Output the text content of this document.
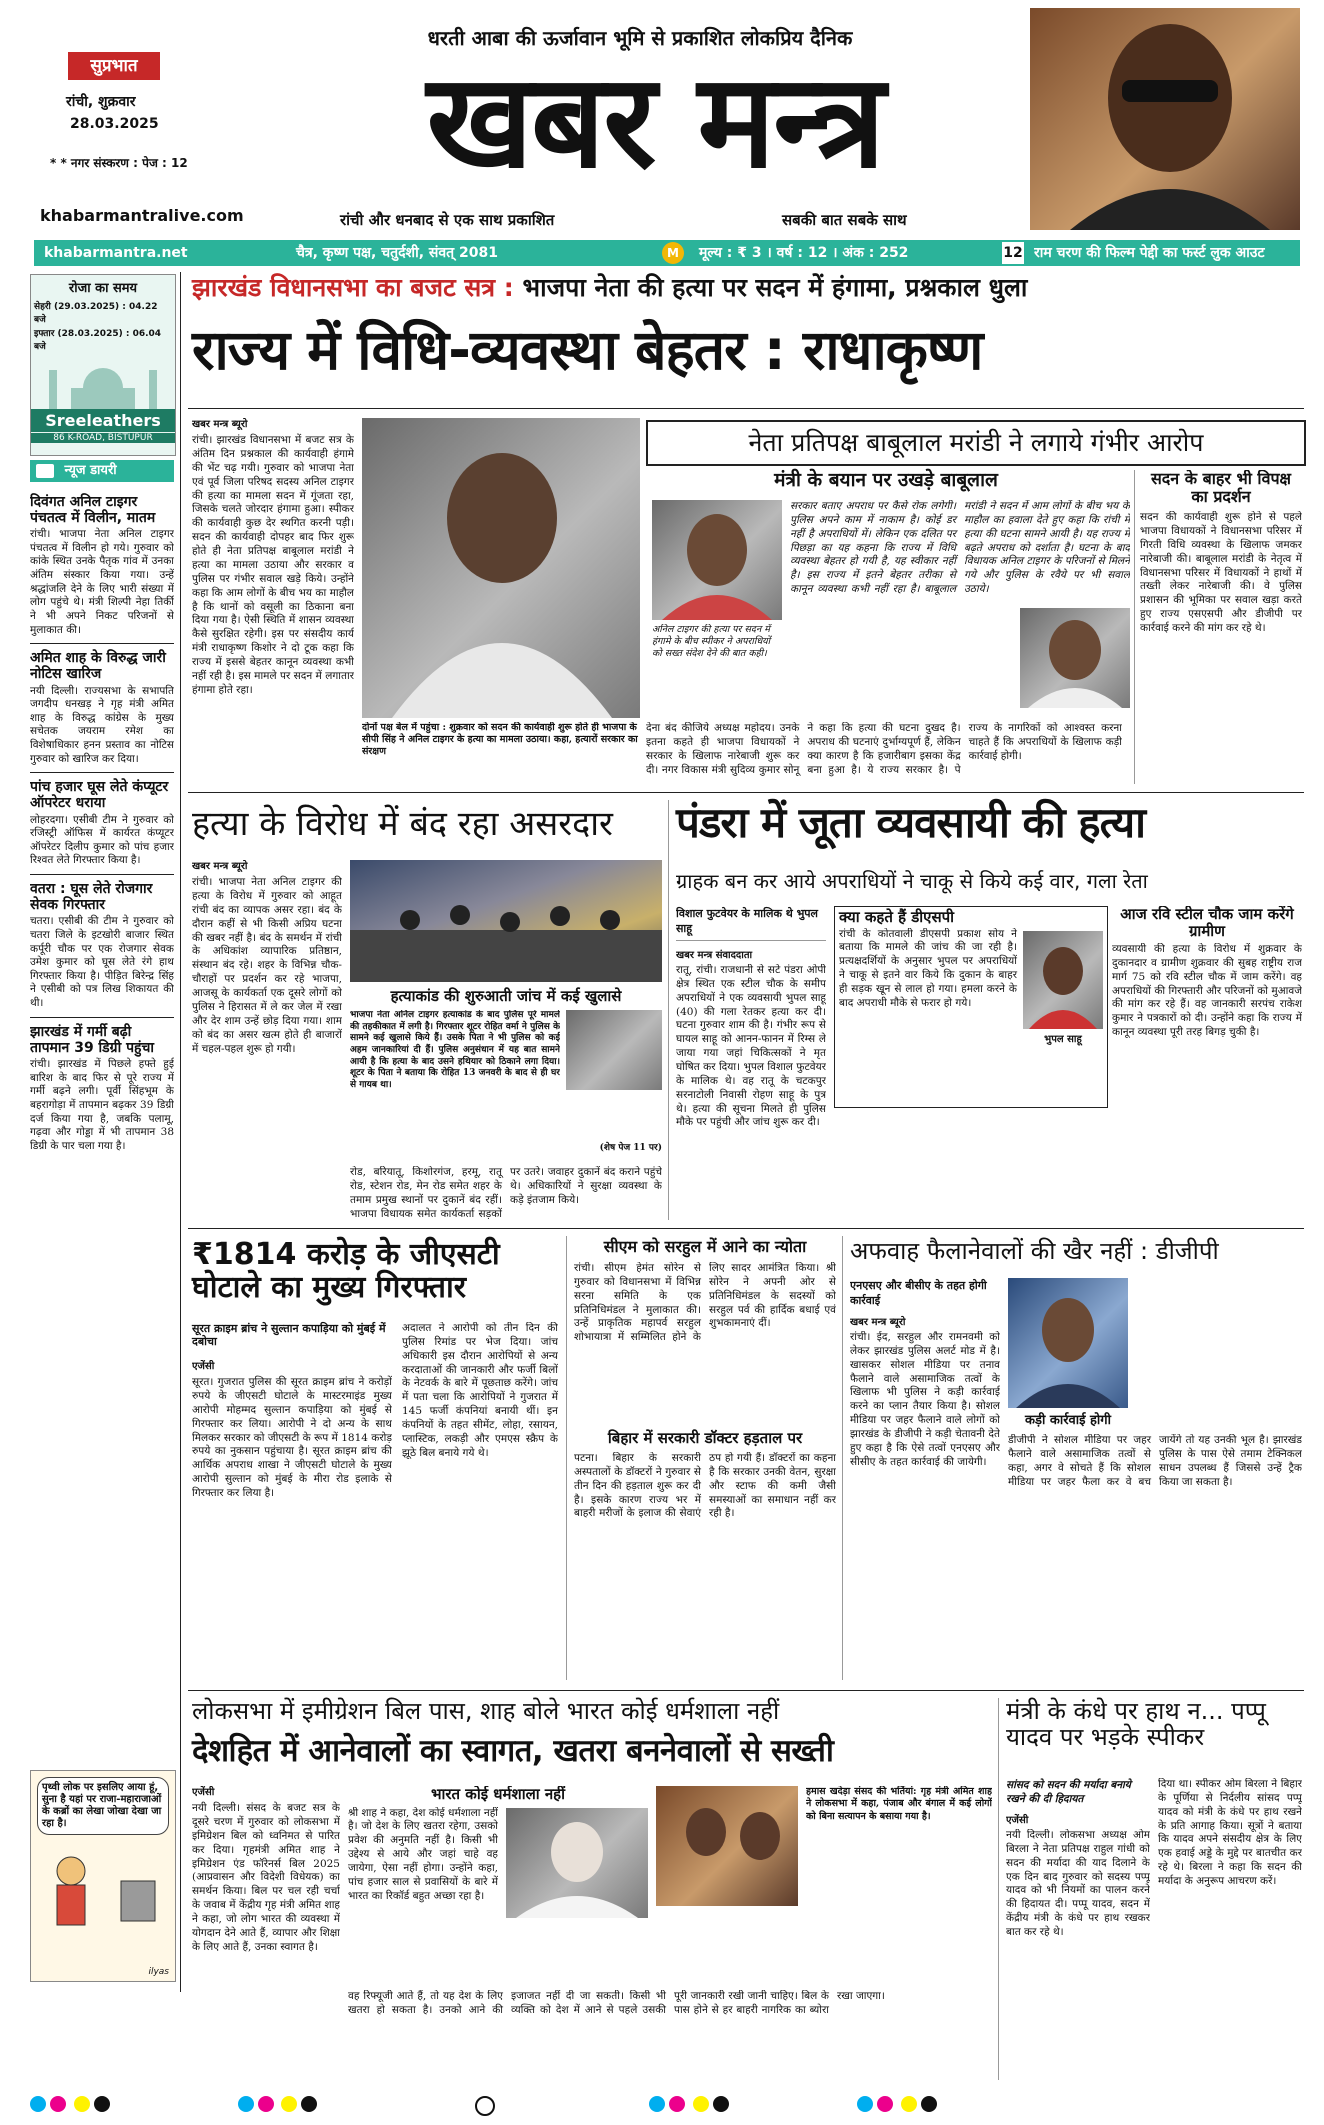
सुप्रभात
रांची, शुक्रवार
28.03.2025
* * नगर संस्करण : पेज : 12
khabarmantralive.com
धरती आबा की ऊर्जावान भूमि से प्रकाशित लोकप्रिय दैनिक
खबर मन्त्र
रांची और धनबाद से एक साथ प्रकाशित	सबकी बात सबके साथ
khabarmantra.net	चैत्र, कृष्ण पक्ष, चतुर्दशी, संवत् 2081	M	मूल्य : ₹ 3 । वर्ष : 12 । अंक : 252	12 राम चरण की फिल्म पेद्दी का फर्स्ट लुक आउट
रोजा का समय
सेहरी (29.03.2025) : 04.22 बजे
इफ्तार (28.03.2025) : 06.04 बजे
Sreeleathers
86 K-ROAD, BISTUPUR
न्यूज डायरी
दिवंगत अनिल टाइगर पंचतत्व में विलीन, मातम
रांची। भाजपा नेता अनिल टाइगर पंचतत्व में विलीन हो गये। गुरुवार को कांके स्थित उनके पैतृक गांव में उनका अंतिम संस्कार किया गया। उन्हें श्रद्धांजलि देने के लिए भारी संख्या में लोग पहुंचे थे। मंत्री शिल्पी नेहा तिर्की ने भी अपने निकट परिजनों से मुलाकात की।
अमित शाह के विरुद्ध जारी नोटिस खारिज
नयी दिल्ली। राज्यसभा के सभापति जगदीप धनखड़ ने गृह मंत्री अमित शाह के विरुद्ध कांग्रेस के मुख्य सचेतक जयराम रमेश का विशेषाधिकार हनन प्रस्ताव का नोटिस गुरुवार को खारिज कर दिया।
पांच हजार घूस लेते कंप्यूटर ऑपरेटर धराया
लोहरदगा। एसीबी टीम ने गुरुवार को रजिस्ट्री ऑफिस में कार्यरत कंप्यूटर ऑपरेटर दिलीप कुमार को पांच हजार रिश्वत लेते गिरफ्तार किया है।
वतरा : घूस लेते रोजगार सेवक गिरफ्तार
चतरा। एसीबी की टीम ने गुरुवार को चतरा जिले के इटखोरी बाजार स्थित कर्पूरी चौक पर एक रोजगार सेवक उमेश कुमार को घूस लेते रंगे हाथ गिरफ्तार किया है। पीड़ित बिरेन्द्र सिंह ने एसीबी को पत्र लिख शिकायत की थी।
झारखंड में गर्मी बढ़ी तापमान 39 डिग्री पहुंचा
रांची। झारखंड में पिछले हफ्ते हुई बारिश के बाद फिर से पूरे राज्य में गर्मी बढ़ने लगी। पूर्वी सिंहभूम के बहरागोड़ा में तापमान बढ़कर 39 डिग्री दर्ज किया गया है, जबकि पलामू, गढ़वा और गोड्डा में भी तापमान 38 डिग्री के पार चला गया है।
पृथ्वी लोक पर इसलिए आया हूं, सुना है यहां पर राजा-महाराजाओं के कब्रों का लेखा जोखा देखा जा रहा है।
ilyas
झारखंड विधानसभा का बजट सत्र : भाजपा नेता की हत्या पर सदन में हंगामा, प्रश्नकाल धुला
राज्य में विधि-व्यवस्था बेहतर : राधाकृष्ण
खबर मन्त्र ब्यूरो
रांची। झारखंड विधानसभा में बजट सत्र के अंतिम दिन प्रश्नकाल की कार्यवाही हंगामे की भेंट चढ़ गयी। गुरुवार को भाजपा नेता एवं पूर्व जिला परिषद सदस्य अनिल टाइगर की हत्या का मामला सदन में गूंजता रहा, जिसके चलते जोरदार हंगामा हुआ। स्पीकर की कार्यवाही कुछ देर स्थगित करनी पड़ी। सदन की कार्यवाही दोपहर बाद फिर शुरू होते ही नेता प्रतिपक्ष बाबूलाल मरांडी ने हत्या का मामला उठाया और सरकार व पुलिस पर गंभीर सवाल खड़े किये। उन्होंने कहा कि आम लोगों के बीच भय का माहौल है कि थानों को वसूली का ठिकाना बना दिया गया है। ऐसी स्थिति में शासन व्यवस्था कैसे सुरक्षित रहेगी। इस पर संसदीय कार्य मंत्री राधाकृष्ण किशोर ने दो टूक कहा कि राज्य में इससे बेहतर कानून व्यवस्था कभी नहीं रही है। इस मामले पर सदन में लगातार हंगामा होते रहा।
दोनों पक्ष बेल में पहुंचा : शुक्रवार को सदन की कार्यवाही शुरू होते ही भाजपा के सीपी सिंह ने अनिल टाइगर के हत्या का मामला उठाया। कहा, हत्यारों सरकार का संरक्षण
देना बंद कीजिये अध्यक्ष महोदय। उनके इतना कहते ही भाजपा विधायकों ने सरकार के खिलाफ नारेबाजी शुरू कर दी। नगर विकास मंत्री सुदिव्य कुमार सोनू ने कहा कि हत्या की घटना दुखद है। अपराध की घटनाएं दुर्भाग्यपूर्ण हैं, लेकिन क्या कारण है कि हजारीबाग इसका केंद्र बना हुआ है। ये राज्य सरकार है। पे राज्य के नागरिकों को आश्वस्त करना चाहते हैं कि अपराधियों के खिलाफ कड़ी कार्रवाई होगी।
नेता प्रतिपक्ष बाबूलाल मरांडी ने लगाये गंभीर आरोप
मंत्री के बयान पर उखड़े बाबूलाल
अनिल टाइगर की हत्या पर सदन में हंगामे के बीच स्पीकर ने अपराधियों को सख्त संदेश देने की बात कही।
सरकार बताए अपराध पर कैसे रोक लगेगी। पुलिस अपने काम में नाकाम है। कोई डर नहीं है अपराधियों में। लेकिन एक दलित पर पिछड़ा का यह कहना कि राज्य में विधि व्यवस्था बेहतर हो गयी है, यह स्वीकार नहीं है। इस राज्य में इतने बेहतर तरीका से कानून व्यवस्था कभी नहीं रहा है। बाबूलाल मरांडी ने सदन में आम लोगों के बीच भय के माहौल का हवाला देते हुए कहा कि रांची में हत्या की घटना सामने आयी है। यह राज्य में बढ़ते अपराध को दर्शाता है। घटना के बाद विधायक अनिल टाइगर के परिजनों से मिलने गये और पुलिस के रवैये पर भी सवाल उठाये।
सदन के बाहर भी विपक्ष का प्रदर्शन
सदन की कार्यवाही शुरू होने से पहले भाजपा विधायकों ने विधानसभा परिसर में गिरती विधि व्यवस्था के खिलाफ जमकर नारेबाजी की। बाबूलाल मरांडी के नेतृत्व में विधानसभा परिसर में विधायकों ने हाथों में तख्ती लेकर नारेबाजी की। वे पुलिस प्रशासन की भूमिका पर सवाल खड़ा करते हुए राज्य एसएसपी और डीजीपी पर कार्रवाई करने की मांग कर रहे थे।
हत्या के विरोध में बंद रहा असरदार
खबर मन्त्र ब्यूरो
रांची। भाजपा नेता अनिल टाइगर की हत्या के विरोध में गुरुवार को आहूत रांची बंद का व्यापक असर रहा। बंद के दौरान कहीं से भी किसी अप्रिय घटना की खबर नहीं है। बंद के समर्थन में रांची के अधिकांश व्यापारिक प्रतिष्ठान, संस्थान बंद रहे। शहर के विभिन्न चौक-चौराहों पर प्रदर्शन कर रहे भाजपा, आजसू के कार्यकर्ता एक दूसरे लोगों को पुलिस ने हिरासत में ले कर जेल में रखा और देर शाम उन्हें छोड़ दिया गया। शाम को बंद का असर खत्म होते ही बाजारों में चहल-पहल शुरू हो गयी।
हत्याकांड की शुरुआती जांच में कई खुलासे
भाजपा नेता अनिल टाइगर हत्याकांड के बाद पुलिस पूरे मामले की तहकीकात में लगी है। गिरफ्तार शूटर रोहित वर्मा ने पुलिस के सामने कई खुलासे किये हैं। उसके पिता ने भी पुलिस को कई अहम जानकारियां दी हैं। पुलिस अनुसंधान में यह बात सामने आयी है कि हत्या के बाद उसने हथियार को ठिकाने लगा दिया। शूटर के पिता ने बताया कि रोहित 13 जनवरी के बाद से ही घर से गायब था।
(शेष पेज 11 पर)
रोड, बरियातू, किशोरगंज, हरमू, रातू रोड, स्टेशन रोड, मेन रोड समेत शहर के तमाम प्रमुख स्थानों पर दुकानें बंद रहीं। भाजपा विधायक समेत कार्यकर्ता सड़कों पर उतरे। जवाहर दुकानें बंद कराने पहुंचे थे। अधिकारियों ने सुरक्षा व्यवस्था के कड़े इंतजाम किये।
पंडरा में जूता व्यवसायी की हत्या
ग्राहक बन कर आये अपराधियों ने चाकू से किये कई वार, गला रेता
विशाल फुटवेयर के मालिक थे भुपल साहू
खबर मन्त्र संवाददाता
रातू, रांची। राजधानी से सटे पंडरा ओपी क्षेत्र स्थित एक स्टील चौक के समीप अपराधियों ने एक व्यवसायी भुपल साहू (40) की गला रेतकर हत्या कर दी। घटना गुरुवार शाम की है। गंभीर रूप से घायल साहू को आनन-फानन में रिम्स ले जाया गया जहां चिकित्सकों ने मृत घोषित कर दिया। भुपल विशाल फुटवेयर के मालिक थे। वह रातू के चटकपुर सरनाटोली निवासी रोहण साहू के पुत्र थे। हत्या की सूचना मिलते ही पुलिस मौके पर पहुंची और जांच शुरू कर दी।
क्या कहते हैं डीएसपी
रांची के कोतवाली डीएसपी प्रकाश सोय ने बताया कि मामले की जांच की जा रही है। प्रत्यक्षदर्शियों के अनुसार भुपल पर अपराधियों ने चाकू से इतने वार किये कि दुकान के बाहर ही सड़क खून से लाल हो गया। हमला करने के बाद अपराधी मौके से फरार हो गये।
भुपल साहू
आज रवि स्टील चौक जाम करेंगे ग्रामीण
व्यवसायी की हत्या के विरोध में शुक्रवार के दुकानदार व ग्रामीण शुक्रवार की सुबह राष्ट्रीय राज मार्ग 75 को रवि स्टील चौक में जाम करेंगे। वह अपराधियों की गिरफ्तारी और परिजनों को मुआवजे की मांग कर रहे हैं। वह जानकारी सरपंच राकेश कुमार ने पत्रकारों को दी। उन्होंने कहा कि राज्य में कानून व्यवस्था पूरी तरह बिगड़ चुकी है।
₹1814 करोड़ के जीएसटी घोटाले का मुख्य गिरफ्तार
सूरत क्राइम ब्रांच ने सुल्तान कपाड़िया को मुंबई में दबोचा
एजेंसी
सूरत। गुजरात पुलिस की सूरत क्राइम ब्रांच ने करोड़ों रुपये के जीएसटी घोटाले के मास्टरमाइंड मुख्य आरोपी मोहम्मद सुल्तान कपाड़िया को मुंबई से गिरफ्तार कर लिया। आरोपी ने दो अन्य के साथ मिलकर सरकार को जीएसटी के रूप में 1814 करोड़ रुपये का नुकसान पहुंचाया है। सूरत क्राइम ब्रांच की आर्थिक अपराध शाखा ने जीएसटी घोटाले के मुख्य आरोपी सुल्तान को मुंबई के मीरा रोड इलाके से गिरफ्तार कर लिया है।
अदालत ने आरोपी को तीन दिन की पुलिस रिमांड पर भेज दिया। जांच अधिकारी इस दौरान आरोपियों से अन्य करदाताओं की जानकारी और फर्जी बिलों के नेटवर्क के बारे में पूछताछ करेंगे। जांच में पता चला कि आरोपियों ने गुजरात में 145 फर्जी कंपनियां बनायी थीं। इन कंपनियों के तहत सीमेंट, लोहा, रसायन, प्लास्टिक, लकड़ी और एमएस स्क्रैप के झूठे बिल बनाये गये थे।
सीएम को सरहुल में आने का न्योता
रांची। सीएम हेमंत सोरेन से गुरुवार को विधानसभा में विभिन्न सरना समिति के एक प्रतिनिधिमंडल ने मुलाकात की। उन्हें प्राकृतिक महापर्व सरहुल शोभायात्रा में सम्मिलित होने के लिए सादर आमंत्रित किया। श्री सोरेन ने अपनी ओर से प्रतिनिधिमंडल के सदस्यों को सरहुल पर्व की हार्दिक बधाई एवं शुभकामनाएं दीं।
बिहार में सरकारी डॉक्टर हड़ताल पर
पटना। बिहार के सरकारी अस्पतालों के डॉक्टरों ने गुरुवार से तीन दिन की हड़ताल शुरू कर दी है। इसके कारण राज्य भर में बाहरी मरीजों के इलाज की सेवाएं ठप हो गयी हैं। डॉक्टरों का कहना है कि सरकार उनकी वेतन, सुरक्षा और स्टाफ की कमी जैसी समस्याओं का समाधान नहीं कर रही है।
अफवाह फैलानेवालों की खैर नहीं : डीजीपी
एनएसए और बीसीए के तहत होगी कार्रवाई
खबर मन्त्र ब्यूरो
रांची। ईद, सरहुल और रामनवमी को लेकर झारखंड पुलिस अलर्ट मोड में है। खासकर सोशल मीडिया पर तनाव फैलाने वाले असामाजिक तत्वों के खिलाफ भी पुलिस ने कड़ी कार्रवाई करने का प्लान तैयार किया है। सोशल मीडिया पर जहर फैलाने वाले लोगों को झारखंड के डीजीपी ने कड़ी चेतावनी देते हुए कहा है कि ऐसे तत्वों एनएसए और सीसीए के तहत कार्रवाई की जायेगी।
कड़ी कार्रवाई होगी
डीजीपी ने सोशल मीडिया पर जहर फैलाने वाले असामाजिक तत्वों से कहा, अगर वे सोचते हैं कि सोशल मीडिया पर जहर फैला कर वे बच जायेंगे तो यह उनकी भूल है। झारखंड पुलिस के पास ऐसे तमाम टेक्निकल साधन उपलब्ध हैं जिससे उन्हें ट्रैक किया जा सकता है।
लोकसभा में इमीग्रेशन बिल पास, शाह बोले भारत कोई धर्मशाला नहीं
देशहित में आनेवालों का स्वागत, खतरा बननेवालों से सख्ती
एजेंसी
नयी दिल्ली। संसद के बजट सत्र के दूसरे चरण में गुरुवार को लोकसभा में इमिग्रेशन बिल को ध्वनिमत से पारित कर दिया। गृहमंत्री अमित शाह ने इमिग्रेशन एंड फॉरेनर्स बिल 2025 (आप्रवासन और विदेशी विधेयक) का समर्थन किया। बिल पर चल रही चर्चा के जवाब में केंद्रीय गृह मंत्री अमित शाह ने कहा, जो लोग भारत की व्यवस्था में योगदान देने आते हैं, व्यापार और शिक्षा के लिए आते हैं, उनका स्वागत है।
भारत कोई धर्मशाला नहीं
श्री शाह ने कहा, देश कोई धर्मशाला नहीं है। जो देश के लिए खतरा रहेगा, उसको प्रवेश की अनुमति नहीं है। किसी भी उद्देश्य से आये और जहां चाहे वह जायेगा, ऐसा नहीं होगा। उन्होंने कहा, पांच हजार साल से प्रवासियों के बारे में भारत का रिकॉर्ड बहुत अच्छा रहा है।
हमास खदेड़ा संसद की भर्तियां: गृह मंत्री अमित शाह ने लोकसभा में कहा, पंजाब और बंगाल में कई लोगों को बिना सत्यापन के बसाया गया है।
वह रिफ्यूजी आते हैं, तो यह देश के लिए खतरा हो सकता है। उनको आने की इजाजत नहीं दी जा सकती। किसी भी व्यक्ति को देश में आने से पहले उसकी पूरी जानकारी रखी जानी चाहिए। बिल के पास होने से हर बाहरी नागरिक का ब्योरा रखा जाएगा।
मंत्री के कंधे पर हाथ न... पप्पू यादव पर भड़के स्पीकर
सांसद को सदन की मर्यादा बनाये रखने की दी हिदायत
एजेंसी
नयी दिल्ली। लोकसभा अध्यक्ष ओम बिरला ने नेता प्रतिपक्ष राहुल गांधी को सदन की मर्यादा की याद दिलाने के एक दिन बाद गुरुवार को सदस्य पप्पू यादव को भी नियमों का पालन करने की हिदायत दी। पप्पू यादव, सदन में केंद्रीय मंत्री के कंधे पर हाथ रखकर बात कर रहे थे।
दिया था। स्पीकर ओम बिरला ने बिहार के पूर्णिया से निर्दलीय सांसद पप्पू यादव को मंत्री के कंधे पर हाथ रखने के प्रति आगाह किया। सूत्रों ने बताया कि यादव अपने संसदीय क्षेत्र के लिए एक हवाई अड्डे के मुद्दे पर बातचीत कर रहे थे। बिरला ने कहा कि सदन की मर्यादा के अनुरूप आचरण करें।
